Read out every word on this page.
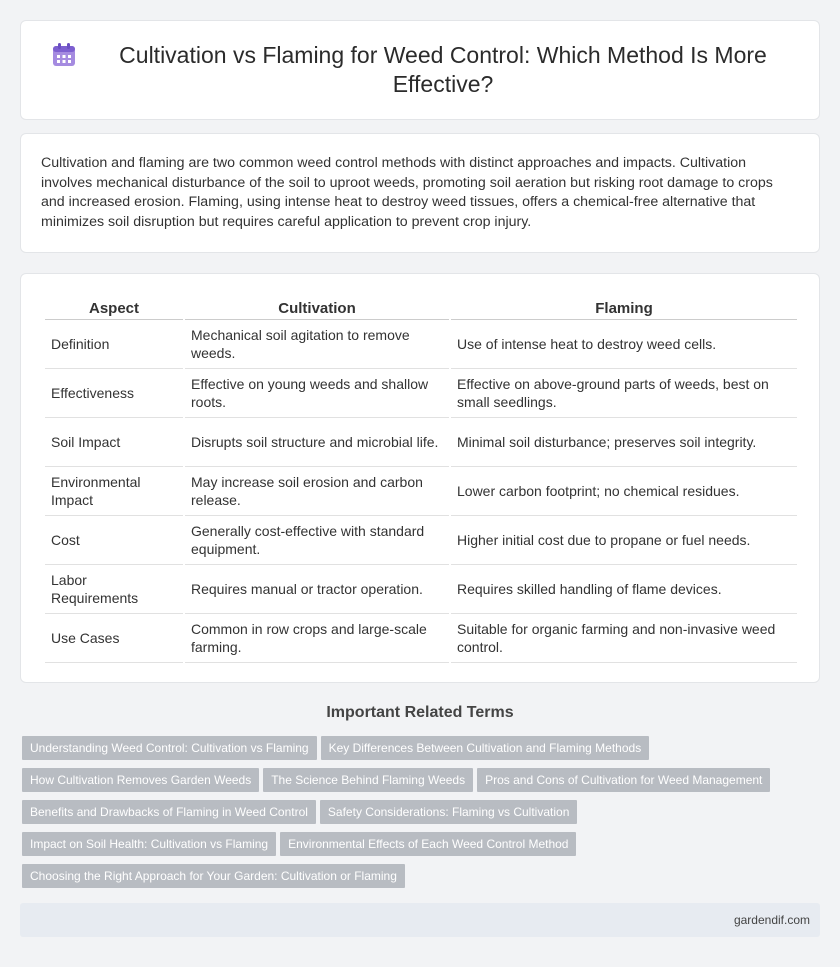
Cultivation vs Flaming for Weed Control: Which Method Is More Effective?

Cultivation and flaming are two common weed control methods with distinct approaches and impacts. Cultivation involves mechanical disturbance of the soil to uproot weeds, promoting soil aeration but risking root damage to crops and increased erosion. Flaming, using intense heat to destroy weed tissues, offers a chemical-free alternative that minimizes soil disruption but requires careful application to prevent crop injury.

Aspect	Cultivation	Flaming
Definition	Mechanical soil agitation to remove weeds.	Use of intense heat to destroy weed cells.
Effectiveness	Effective on young weeds and shallow roots.	Effective on above-ground parts of weeds, best on small seedlings.
Soil Impact	Disrupts soil structure and microbial life.	Minimal soil disturbance; preserves soil integrity.
Environmental Impact	May increase soil erosion and carbon release.	Lower carbon footprint; no chemical residues.
Cost	Generally cost-effective with standard equipment.	Higher initial cost due to propane or fuel needs.
Labor Requirements	Requires manual or tractor operation.	Requires skilled handling of flame devices.
Use Cases	Common in row crops and large-scale farming.	Suitable for organic farming and non-invasive weed control.
Important Related Terms
Understanding Weed Control: Cultivation vs Flaming Key Differences Between Cultivation and Flaming Methods
How Cultivation Removes Garden Weeds The Science Behind Flaming Weeds Pros and Cons of Cultivation for Weed Management
Benefits and Drawbacks of Flaming in Weed Control Safety Considerations: Flaming vs Cultivation
Impact on Soil Health: Cultivation vs Flaming Environmental Effects of Each Weed Control Method
Choosing the Right Approach for Your Garden: Cultivation or Flaming
gardendif.com
